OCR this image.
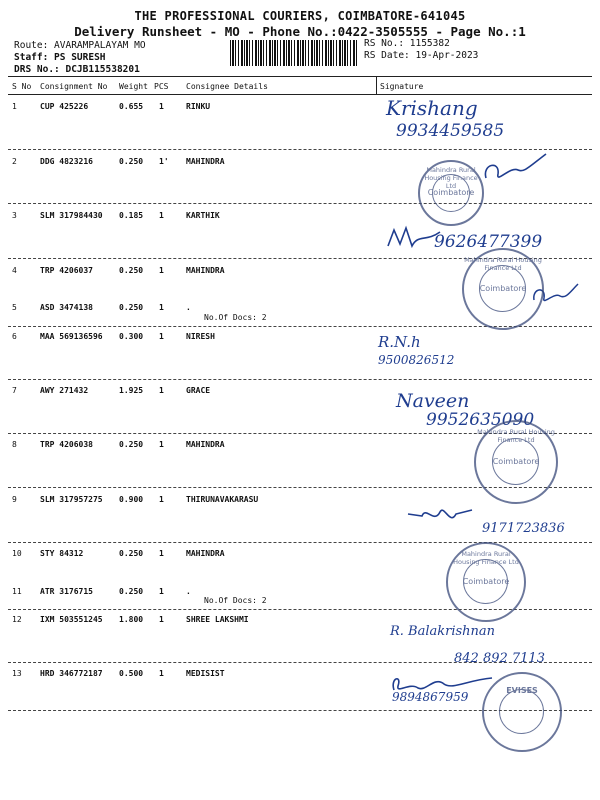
THE PROFESSIONAL COURIERS, COIMBATORE-641045
Delivery Runsheet - MO - Phone No.:0422-3505555 - Page No.:1
Route: AVARAMPALAYAM MO
Staff: PS SURESH
DRS No.: DCJB115538201
RS No.: 1155382
RS Date: 19-Apr-2023
S No Consignment No Weight PCS Consignee Details	Signature
1	CUP 425226	0.655 1	RINKU
2	DDG 4823216	0.250 1' MAHINDRA
3	SLM 317984430 0.185 1	KARTHIK
4	TRP 4206037	0.250 1	MAHINDRA
5	ASD 3474138	0.250 1	.
No.Of Docs: 2
6	MAA 569136596 0.300 1	NIRESH
7	AWY 271432	1.925 1	GRACE
8	TRP 4206038	0.250 1	MAHINDRA
9	SLM 317957275 0.900 1	THIRUNAVAKARASU
10 STY 84312	0.250 1	MAHINDRA
11 ATR 3176715	0.250 1	.
No.Of Docs: 2
12 IXM 503551245 1.800 1	SHREE LAKSHMI
13 HRD 346772187 0.500 1	MEDISIST
Krishang
9934459585
9626477399
R.N.h
9500826512
Naveen
9952635090
9171723836
R. Balakrishnan
842 892 7113
9894867959
Mahindra Rural Housing Finance Ltd
Coimbatore
Mahindra Rural Housing Finance Ltd
Coimbatore
Mahindra Rural Housing Finance Ltd
Coimbatore
Mahindra Rural Housing Finance Ltd
Coimbatore
EVISES
